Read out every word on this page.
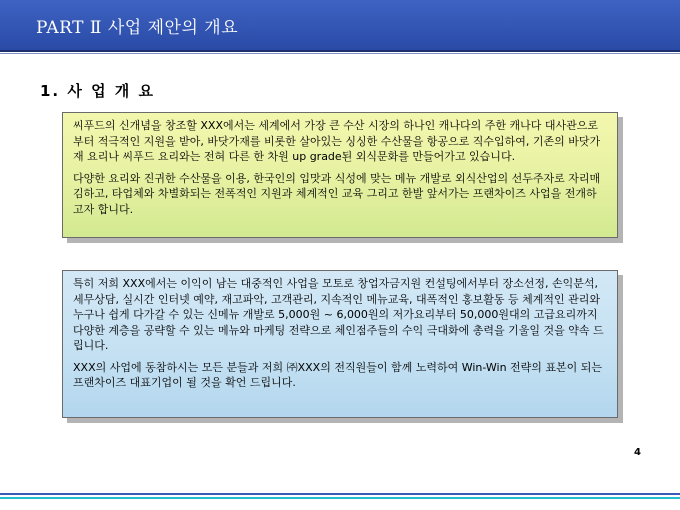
PART Ⅱ 사업 제안의 개요
1. 사 업 개 요

씨푸드의 신개념을 창조할 XXX에서는 세계에서 가장 큰 수산 시장의 하나인 캐나다의 주한 캐나다 대사관으로부터 적극적인 지원을 받아, 바닷가재를 비롯한 살아있는 싱싱한 수산물을 항공으로 직수입하여, 기존의 바닷가재 요리나 씨푸드 요리와는 전혀 다른 한 차원 up grade된 외식문화를 만들어가고 있습니다.

다양한 요리와 진귀한 수산물을 이용, 한국인의 입맛과 식성에 맞는 메뉴 개발로 외식산업의 선두주자로 자리매김하고, 타업체와 차별화되는 전폭적인 지원과 체계적인 교육 그리고 한발 앞서가는 프랜차이즈 사업을 전개하고자 합니다.

특히 저희 XXX에서는 이익이 남는 대중적인 사업을 모토로 창업자금지원 컨설팅에서부터 장소선정, 손익분석, 세무상담, 실시간 인터넷 예약, 재고파악, 고객관리, 지속적인 메뉴교육, 대폭적인 홍보활동 등 체계적인 관리와 누구나 쉽게 다가갈 수 있는 신메뉴 개발로 5,000원 ~ 6,000원의 저가요리부터 50,000원대의 고급요리까지 다양한 계층을 공략할 수 있는 메뉴와 마케팅 전략으로 체인점주들의 수익 극대화에 총력을 기울일 것을 약속 드립니다.

XXX의 사업에 동참하시는 모든 분들과 저희 ㈜XXX의 전직원들이 함께 노력하여 Win-Win 전략의 표본이 되는 프랜차이즈 대표기업이 될 것을 확언 드립니다.

4
